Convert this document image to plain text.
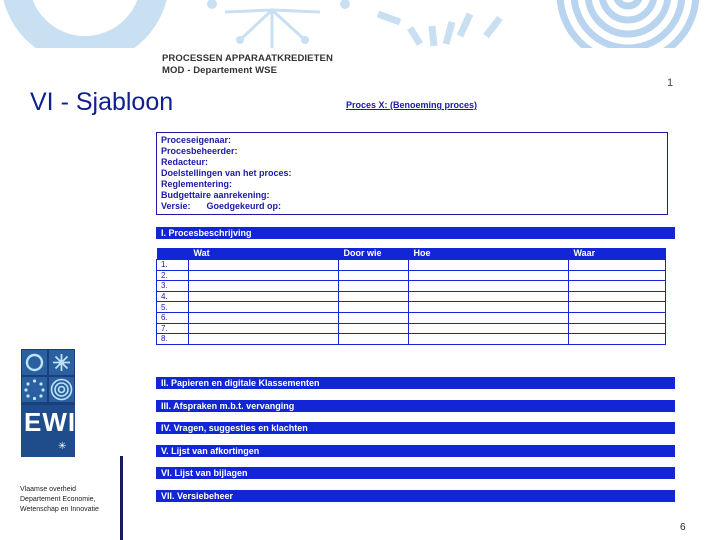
PROCESSEN APPARAATKREDIETEN
MOD - Departement WSE
1
VI - Sjabloon	Proces X: (Benoeming proces)
Proceseigenaar:
Procesbeheerder:
Redacteur:
Doelstellingen van het proces:
Reglementering:
Budgettaire aanrekening:
Versie: Goedgekeurd op:
I. Procesbeschrijving
	Wat	Door wie	Hoe	Waar
1.				
2.				
3.				
4.				
5.				
6.				
7.				
8.				
II. Papieren en digitale Klassementen
III. Afspraken m.b.t. vervanging
IV. Vragen, suggesties en klachten
V. Lijst van afkortingen
VI. Lijst van bijlagen
VII. Versiebeheer
EWI
✳
Vlaamse overheid
Departement Economie,
Wetenschap en Innovatie
6
